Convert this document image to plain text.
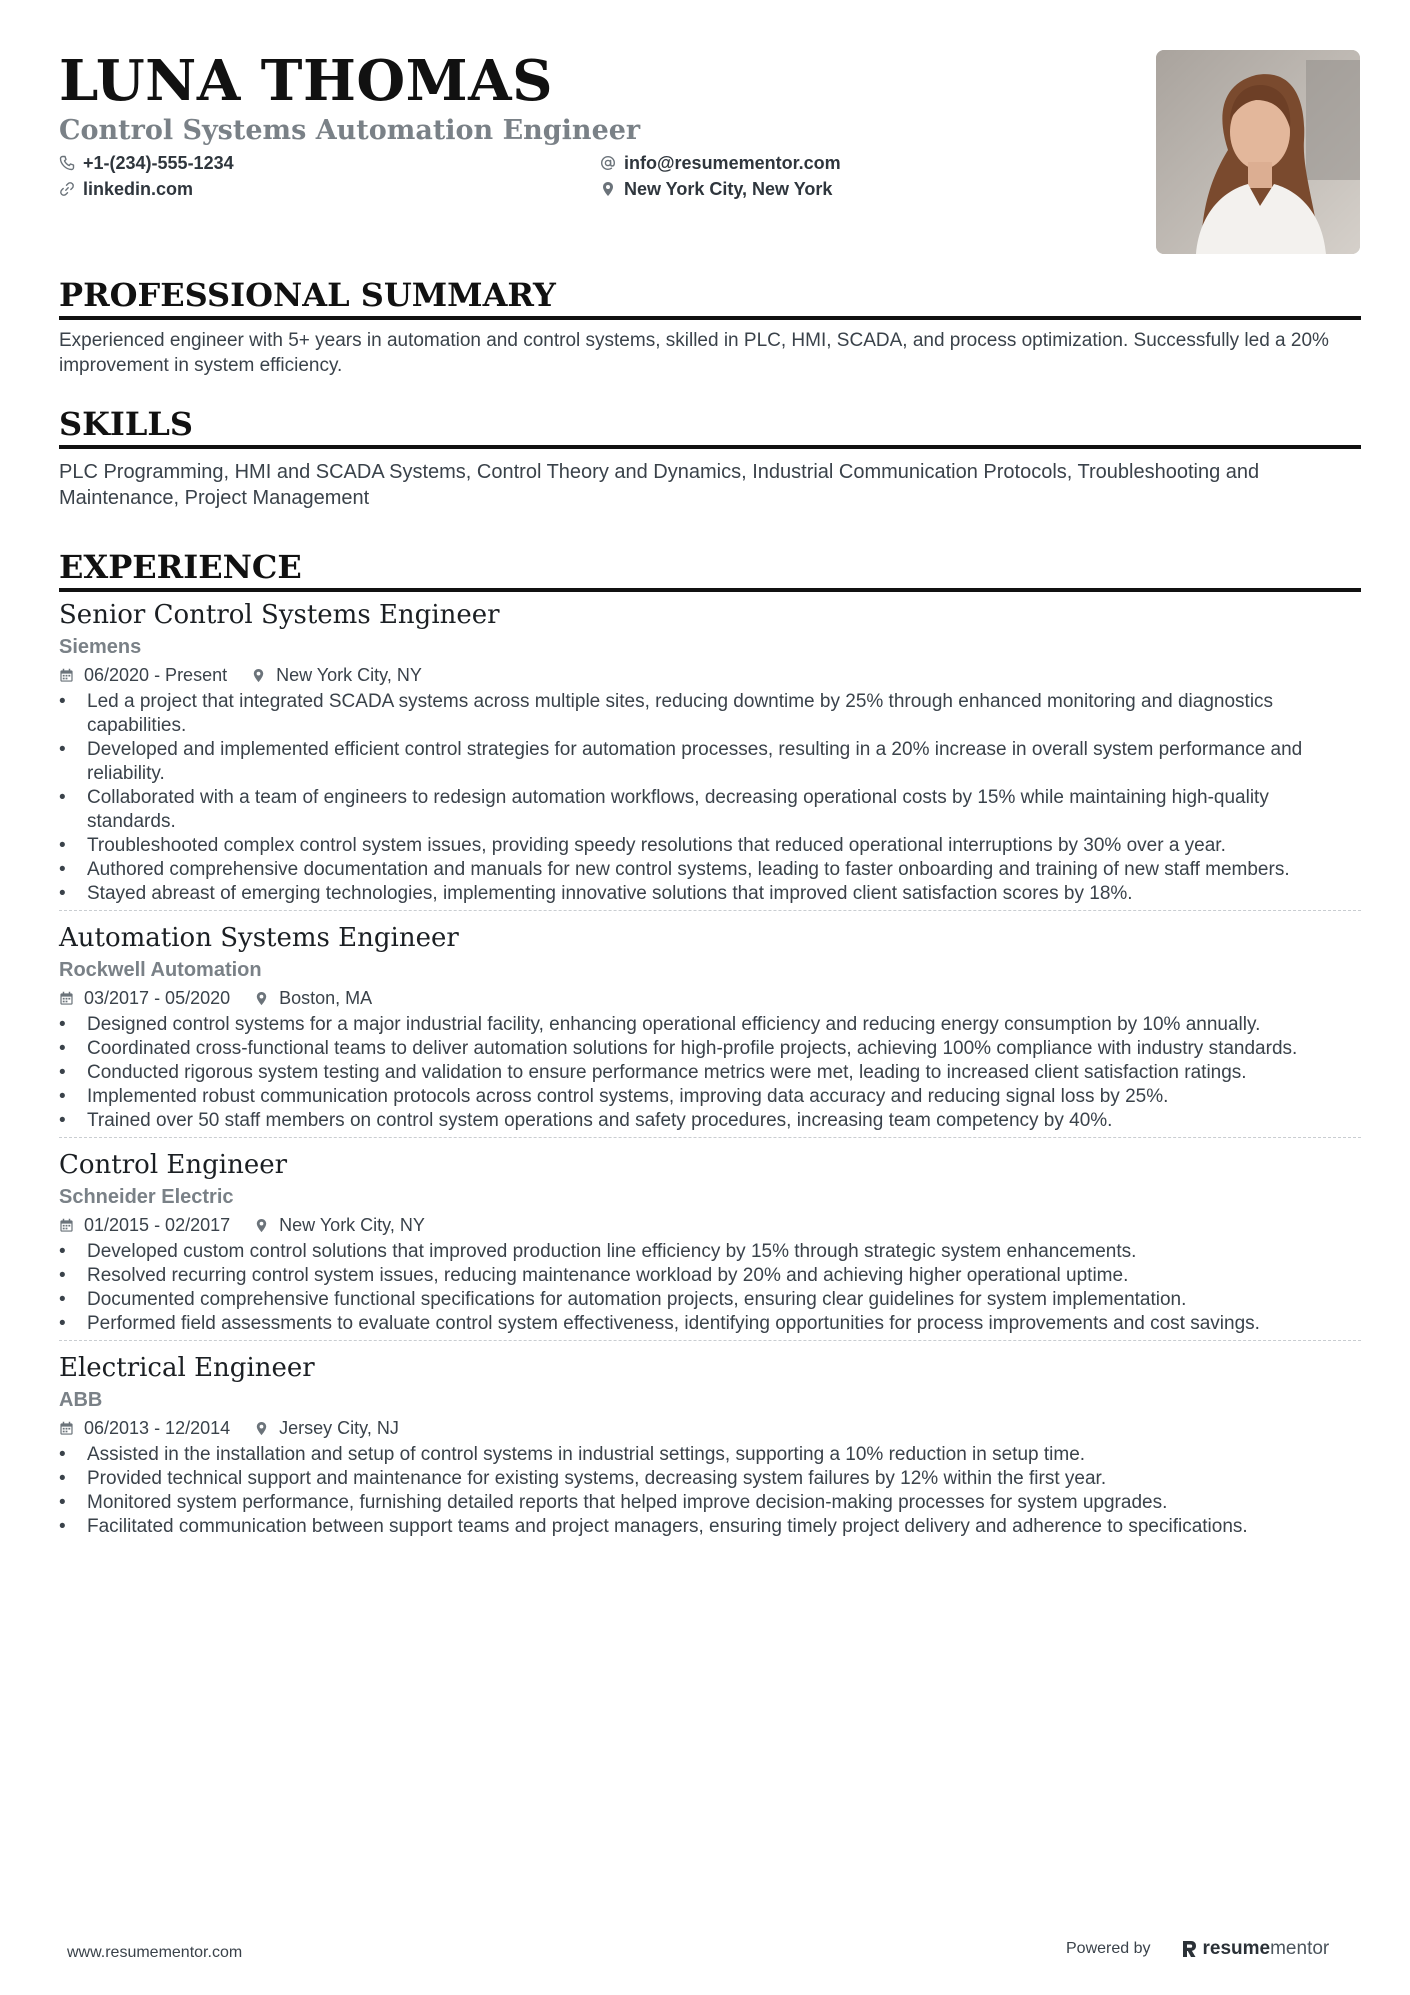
LUNA THOMAS
Control Systems Automation Engineer
+1-(234)-555-1234	info@resumementor.com
linkedin.com	New York City, New York
PROFESSIONAL SUMMARY
Experienced engineer with 5+ years in automation and control systems, skilled in PLC, HMI, SCADA, and process optimization. Successfully led a 20% improvement in system efficiency.
SKILLS
PLC Programming, HMI and SCADA Systems, Control Theory and Dynamics, Industrial Communication Protocols, Troubleshooting and Maintenance, Project Management
EXPERIENCE
Senior Control Systems Engineer
Siemens
06/2020 - Present	New York City, NY
• Led a project that integrated SCADA systems across multiple sites, reducing downtime by 25% through enhanced monitoring and diagnostics capabilities.
• Developed and implemented efficient control strategies for automation processes, resulting in a 20% increase in overall system performance and reliability.
• Collaborated with a team of engineers to redesign automation workflows, decreasing operational costs by 15% while maintaining high-quality standards.
• Troubleshooted complex control system issues, providing speedy resolutions that reduced operational interruptions by 30% over a year.
• Authored comprehensive documentation and manuals for new control systems, leading to faster onboarding and training of new staff members.
• Stayed abreast of emerging technologies, implementing innovative solutions that improved client satisfaction scores by 18%.
Automation Systems Engineer
Rockwell Automation
03/2017 - 05/2020	Boston, MA
• Designed control systems for a major industrial facility, enhancing operational efficiency and reducing energy consumption by 10% annually.
• Coordinated cross-functional teams to deliver automation solutions for high-profile projects, achieving 100% compliance with industry standards.
• Conducted rigorous system testing and validation to ensure performance metrics were met, leading to increased client satisfaction ratings.
• Implemented robust communication protocols across control systems, improving data accuracy and reducing signal loss by 25%.
• Trained over 50 staff members on control system operations and safety procedures, increasing team competency by 40%.
Control Engineer
Schneider Electric
01/2015 - 02/2017	New York City, NY
• Developed custom control solutions that improved production line efficiency by 15% through strategic system enhancements.
• Resolved recurring control system issues, reducing maintenance workload by 20% and achieving higher operational uptime.
• Documented comprehensive functional specifications for automation projects, ensuring clear guidelines for system implementation.
• Performed field assessments to evaluate control system effectiveness, identifying opportunities for process improvements and cost savings.
Electrical Engineer
ABB
06/2013 - 12/2014	Jersey City, NJ
• Assisted in the installation and setup of control systems in industrial settings, supporting a 10% reduction in setup time.
• Provided technical support and maintenance for existing systems, decreasing system failures by 12% within the first year.
• Monitored system performance, furnishing detailed reports that helped improve decision-making processes for system upgrades.
• Facilitated communication between support teams and project managers, ensuring timely project delivery and adherence to specifications.
www.resumementor.com	Powered by	resume mentor
